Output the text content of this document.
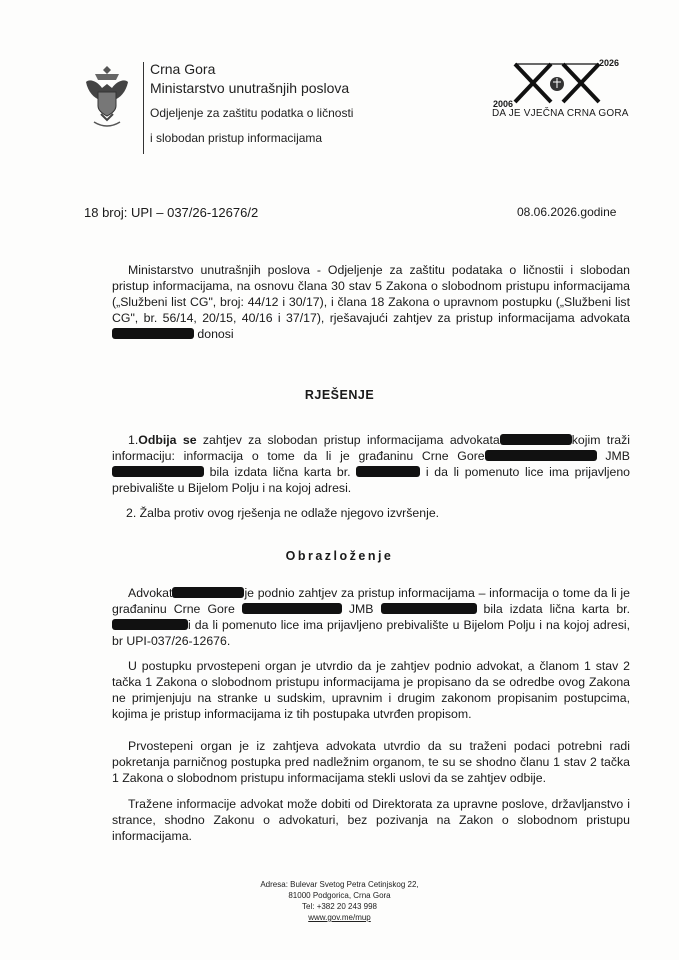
Crna Gora
Ministarstvo unutrašnjih poslova
Odjeljenje za zaštitu podatka o ličnosti
i slobodan pristup informacijama
2006
2026
DA JE VJEČNA CRNA GORA
18 broj: UPI – 037/26-12676/2	08.06.2026.godine
Ministarstvo unutrašnjih poslova - Odjeljenje za zaštitu podataka o ličnostii i slobodan pristup informacijama, na osnovu člana 30 stav 5 Zakona o slobodnom pristupu informacijama („Službeni list CG", broj: 44/12 i 30/17), i člana 18 Zakona o upravnom postupku („Službeni list CG", br. 56/14, 20/15, 40/16 i 37/17), rješavajući zahtjev za pristup informacijama advokata donosi
RJEŠENJE
1.Odbija se zahtjev za slobodan pristup informacijama advokata	kojim traži informaciju: informacija o tome da li je građaninu Crne Gore	JMB  bila izdata lična karta br.	i da li pomenuto lice ima prijavljeno prebivalište u Bijelom Polju i na kojoj adresi.
2. Žalba protiv ovog rješenja ne odlaže njegovo izvršenje.
Obrazloženje
Advokat	je podnio zahtjev za pristup informacijama – informacija o tome da li je građaninu Crne Gore	JMB	bila izdata lična karta br. i da li pomenuto lice ima prijavljeno prebivalište u Bijelom Polju i na kojoj adresi, br UPI-037/26-12676.
U postupku prvostepeni organ je utvrdio da je zahtjev podnio advokat, a članom 1 stav 2 tačka 1 Zakona o slobodnom pristupu informacijama je propisano da se odredbe ovog Zakona ne primjenjuju na stranke u sudskim, upravnim i drugim zakonom propisanim postupcima, kojima je pristup informacijama iz tih postupaka utvrđen propisom.
Prvostepeni organ je iz zahtjeva advokata utvrdio da su traženi podaci potrebni radi pokretanja parničnog postupka pred nadležnim organom, te su se shodno članu 1 stav 2 tačka 1 Zakona o slobodnom pristupu informacijama stekli uslovi da se zahtjev odbije.
Tražene informacije advokat može dobiti od Direktorata za upravne poslove, državljanstvo i strance, shodno Zakonu o advokaturi, bez pozivanja na Zakon o slobodnom pristupu informacijama.
Adresa: Bulevar Svetog Petra Cetinjskog 22,
81000 Podgorica, Crna Gora
Tel: +382 20 243 998
www.gov.me/mup
